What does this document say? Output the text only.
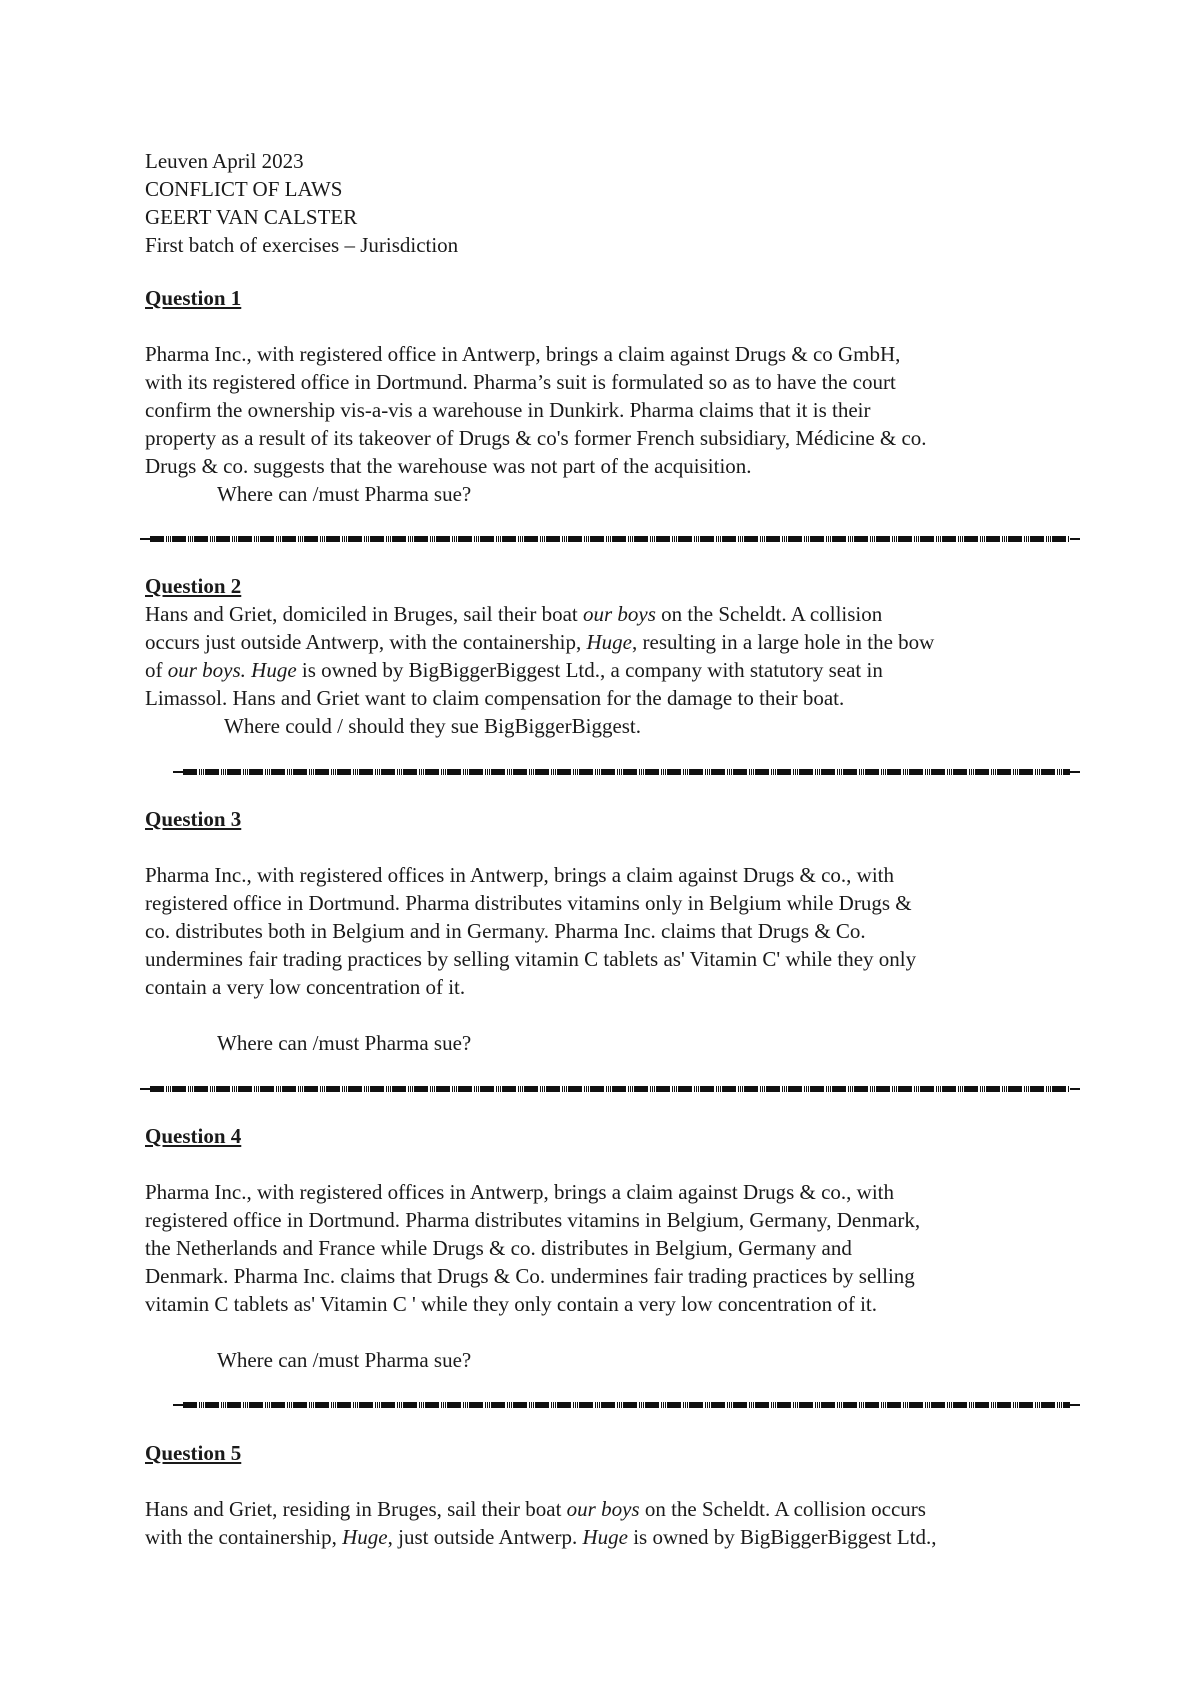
Leuven April 2023
CONFLICT OF LAWS
GEERT VAN CALSTER
First batch of exercises – Jurisdiction
Question 1
Pharma Inc., with registered office in Antwerp, brings a claim against Drugs & co GmbH,
with its registered office in Dortmund. Pharma’s suit is formulated so as to have the court
confirm the ownership vis-a-vis a warehouse in Dunkirk. Pharma claims that it is their
property as a result of its takeover of Drugs & co's former French subsidiary, Médicine & co.
Drugs & co. suggests that the warehouse was not part of the acquisition.
Where can /must Pharma sue?
Question 2
Hans and Griet, domiciled in Bruges, sail their boat our boys on the Scheldt. A collision
occurs just outside Antwerp, with the containership, Huge, resulting in a large hole in the bow
of our boys. Huge is owned by BigBiggerBiggest Ltd., a company with statutory seat in
Limassol. Hans and Griet want to claim compensation for the damage to their boat.
Where could / should they sue BigBiggerBiggest.
Question 3
Pharma Inc., with registered offices in Antwerp, brings a claim against Drugs & co., with
registered office in Dortmund. Pharma distributes vitamins only in Belgium while Drugs &
co. distributes both in Belgium and in Germany. Pharma Inc. claims that Drugs & Co.
undermines fair trading practices by selling vitamin C tablets as' Vitamin C' while they only
contain a very low concentration of it.
Where can /must Pharma sue?
Question 4
Pharma Inc., with registered offices in Antwerp, brings a claim against Drugs & co., with
registered office in Dortmund. Pharma distributes vitamins in Belgium, Germany, Denmark,
the Netherlands and France while Drugs & co. distributes in Belgium, Germany and
Denmark. Pharma Inc. claims that Drugs & Co. undermines fair trading practices by selling
vitamin C tablets as' Vitamin C ' while they only contain a very low concentration of it.
Where can /must Pharma sue?
Question 5
Hans and Griet, residing in Bruges, sail their boat our boys on the Scheldt. A collision occurs
with the containership, Huge, just outside Antwerp. Huge is owned by BigBiggerBiggest Ltd.,
